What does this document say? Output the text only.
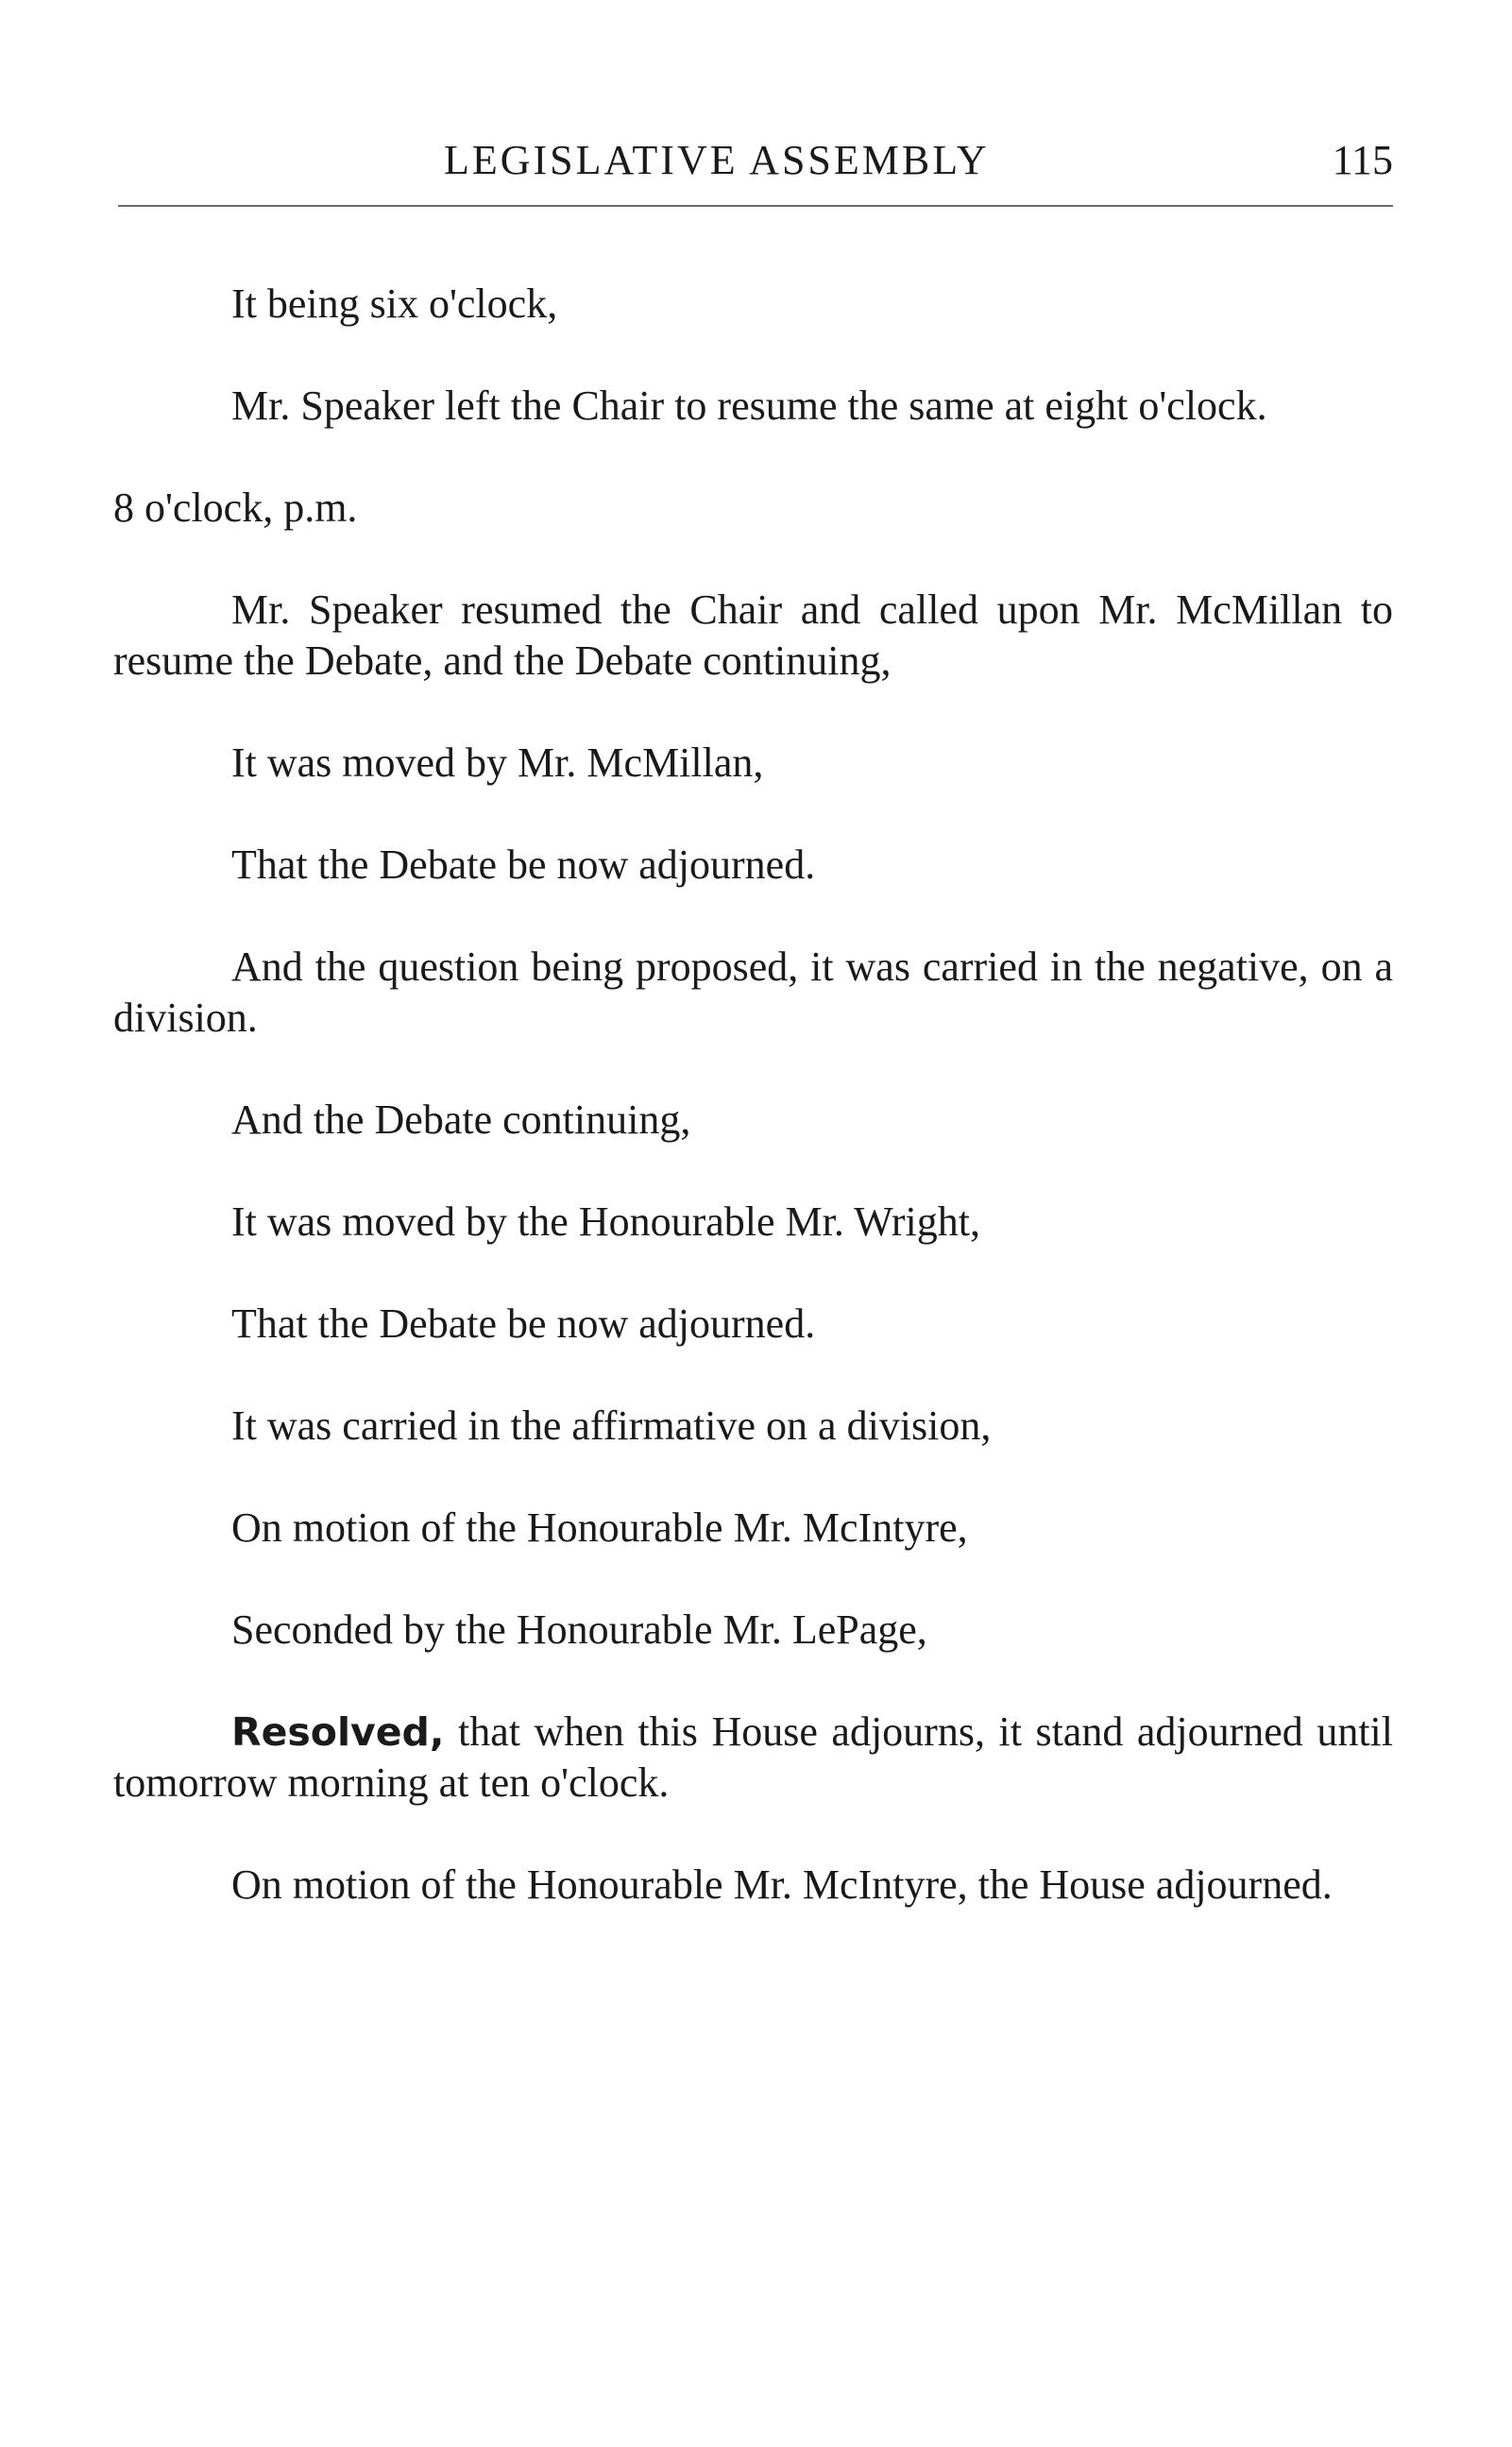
LEGISLATIVE ASSEMBLY	115

It being six o'clock,

Mr. Speaker left the Chair to resume the same at eight o'clock.

8 o'clock, p.m.

Mr. Speaker resumed the Chair and called upon Mr. McMillan to resume the Debate, and the Debate continuing,

It was moved by Mr. McMillan,

That the Debate be now adjourned.

And the question being proposed, it was carried in the negative, on a division.

And the Debate continuing,

It was moved by the Honourable Mr. Wright,

That the Debate be now adjourned.

It was carried in the affirmative on a division,

On motion of the Honourable Mr. McIntyre,

Seconded by the Honourable Mr. LePage,

Resolved, that when this House adjourns, it stand adjourned until tomorrow morning at ten o'clock.

On motion of the Honourable Mr. McIntyre, the House adjourned.
